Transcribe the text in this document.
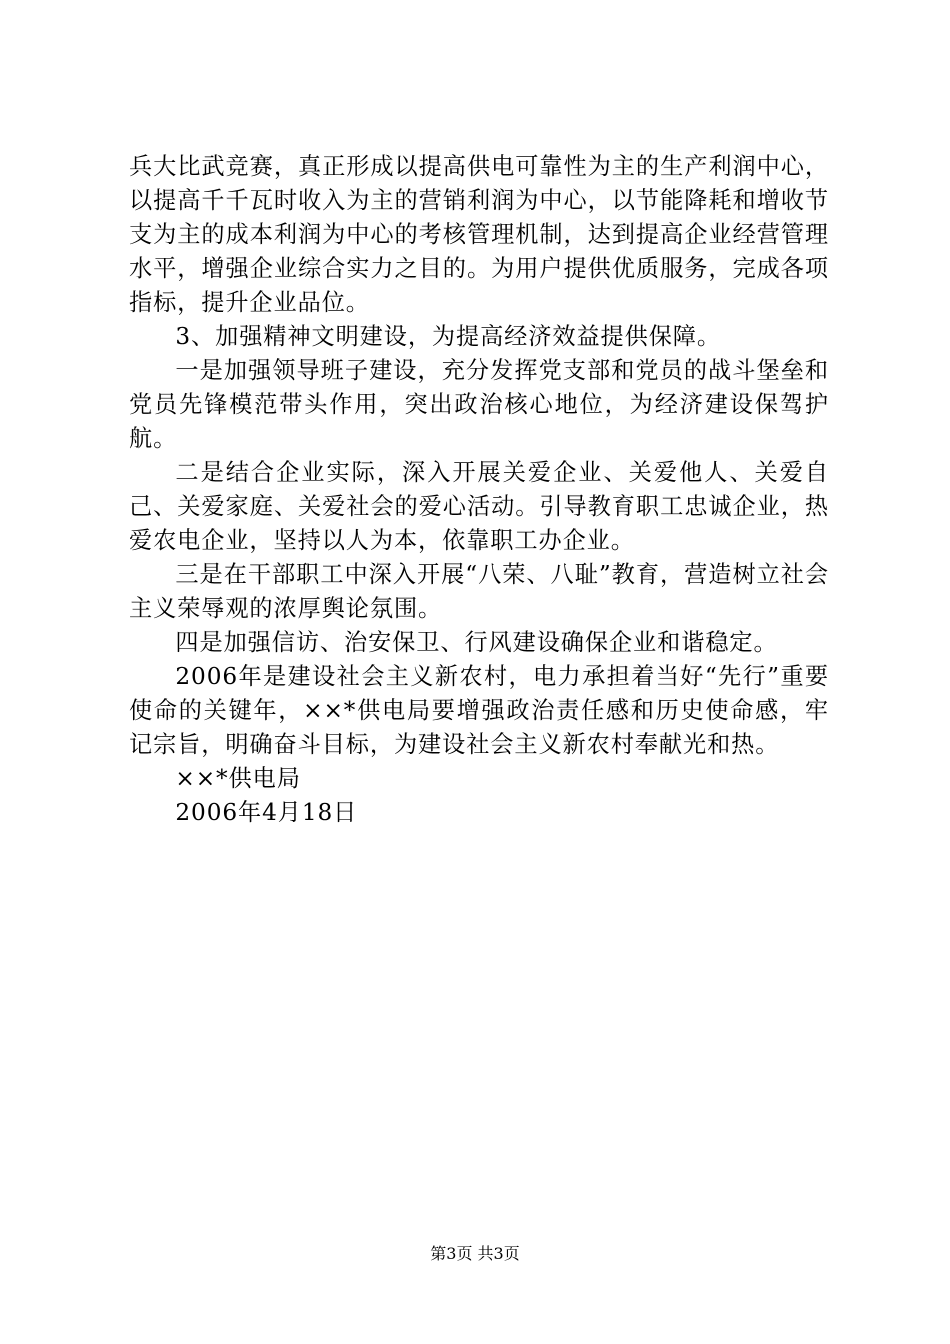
兵大比武竞赛，真正形成以提高供电可靠性为主的生产利润中心，以提高千千瓦时收入为主的营销利润为中心，以节能降耗和增收节支为主的成本利润为中心的考核管理机制，达到提高企业经营管理水平，增强企业综合实力之目的。为用户提供优质服务，完成各项指标，提升企业品位。

3、加强精神文明建设，为提高经济效益提供保障。

一是加强领导班子建设，充分发挥党支部和党员的战斗堡垒和党员先锋模范带头作用，突出政治核心地位，为经济建设保驾护航。

二是结合企业实际，深入开展关爱企业、关爱他人、关爱自己、关爱家庭、关爱社会的爱心活动。引导教育职工忠诚企业，热爱农电企业，坚持以人为本，依靠职工办企业。

三是在干部职工中深入开展“八荣、八耻”教育，营造树立社会主义荣辱观的浓厚舆论氛围。

四是加强信访、治安保卫、行风建设确保企业和谐稳定。

2006年是建设社会主义新农村，电力承担着当好“先行”重要使命的关键年，××*供电局要增强政治责任感和历史使命感，牢记宗旨，明确奋斗目标，为建设社会主义新农村奉献光和热。

××*供电局

2006年4月18日

第3页 共3页
